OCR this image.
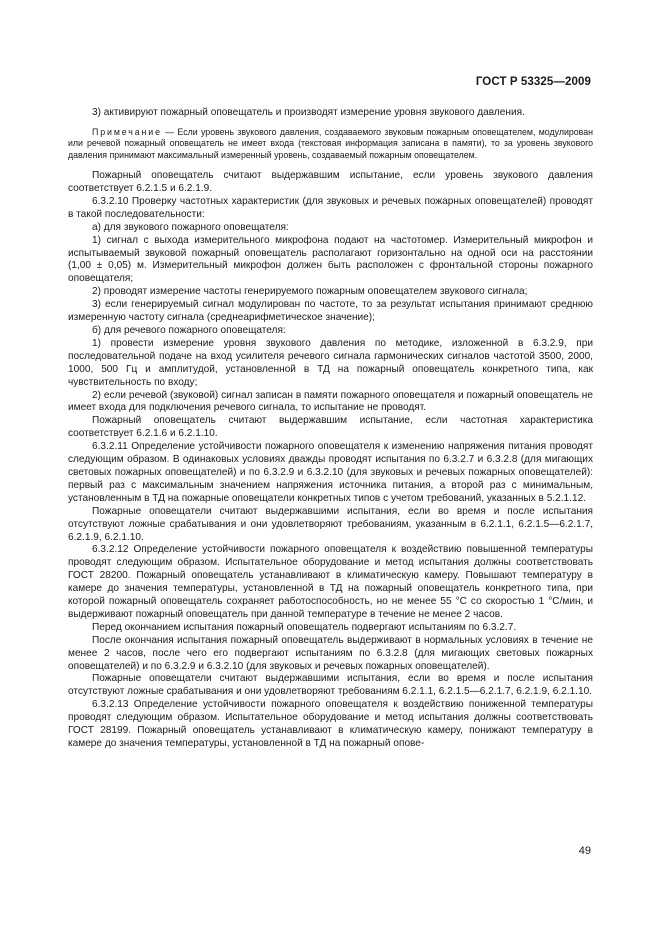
ГОСТ Р 53325—2009

3) активируют пожарный оповещатель и производят измерение уровня звукового давления.

Примечание — Если уровень звукового давления, создаваемого звуковым пожарным оповещателем, модулирован или речевой пожарный оповещатель не имеет входа (текстовая информация записана в памяти), то за уровень звукового давления принимают максимальный измеренный уровень, создаваемый пожарным оповещателем.

Пожарный оповещатель считают выдержавшим испытание, если уровень звукового давления соответствует 6.2.1.5 и 6.2.1.9.

6.3.2.10 Проверку частотных характеристик (для звуковых и речевых пожарных оповещателей) проводят в такой последовательности:

а) для звукового пожарного оповещателя:

1) сигнал с выхода измерительного микрофона подают на частотомер. Измерительный микрофон и испытываемый звуковой пожарный оповещатель располагают горизонтально на одной оси на расстоянии (1,00 ± 0,05) м. Измерительный микрофон должен быть расположен с фронтальной стороны пожарного оповещателя;

2) проводят измерение частоты генерируемого пожарным оповещателем звукового сигнала;

3) если генерируемый сигнал модулирован по частоте, то за результат испытания принимают среднюю измеренную частоту сигнала (среднеарифметическое значение);

б) для речевого пожарного оповещателя:

1) провести измерение уровня звукового давления по методике, изложенной в 6.3.2.9, при последовательной подаче на вход усилителя речевого сигнала гармонических сигналов частотой 3500, 2000, 1000, 500 Гц и амплитудой, установленной в ТД на пожарный оповещатель конкретного типа, как чувствительность по входу;

2) если речевой (звуковой) сигнал записан в памяти пожарного оповещателя и пожарный оповещатель не имеет входа для подключения речевого сигнала, то испытание не проводят.

Пожарный оповещатель считают выдержавшим испытание, если частотная характеристика соответствует 6.2.1.6 и 6.2.1.10.

6.3.2.11 Определение устойчивости пожарного оповещателя к изменению напряжения питания проводят следующим образом. В одинаковых условиях дважды проводят испытания по 6.3.2.7 и 6.3.2.8 (для мигающих световых пожарных оповещателей) и по 6.3.2.9 и 6.3.2.10 (для звуковых и речевых пожарных оповещателей): первый раз с максимальным значением напряжения источника питания, а второй раз с минимальным, установленным в ТД на пожарные оповещатели конкретных типов с учетом требований, указанных в 5.2.1.12.

Пожарные оповещатели считают выдержавшими испытания, если во время и после испытания отсутствуют ложные срабатывания и они удовлетворяют требованиям, указанным в 6.2.1.1, 6.2.1.5—6.2.1.7, 6.2.1.9, 6.2.1.10.

6.3.2.12 Определение устойчивости пожарного оповещателя к воздействию повышенной температуры проводят следующим образом. Испытательное оборудование и метод испытания должны соответствовать ГОСТ 28200. Пожарный оповещатель устанавливают в климатическую камеру. Повышают температуру в камере до значения температуры, установленной в ТД на пожарный оповещатель конкретного типа, при которой пожарный оповещатель сохраняет работоспособность, но не менее 55 °С со скоростью 1 °С/мин, и выдерживают пожарный оповещатель при данной температуре в течение не менее 2 часов.

Перед окончанием испытания пожарный оповещатель подвергают испытаниям по 6.3.2.7.

После окончания испытания пожарный оповещатель выдерживают в нормальных условиях в течение не менее 2 часов, после чего его подвергают испытаниям по 6.3.2.8 (для мигающих световых пожарных оповещателей) и по 6.3.2.9 и 6.3.2.10 (для звуковых и речевых пожарных оповещателей).

Пожарные оповещатели считают выдержавшими испытания, если во время и после испытания отсутствуют ложные срабатывания и они удовлетворяют требованиям 6.2.1.1, 6.2.1.5—6.2.1.7, 6.2.1.9, 6.2.1.10.

6.3.2.13 Определение устойчивости пожарного оповещателя к воздействию пониженной температуры проводят следующим образом. Испытательное оборудование и метод испытания должны соответствовать ГОСТ 28199. Пожарный оповещатель устанавливают в климатическую камеру, понижают температуру в камере до значения температуры, установленной в ТД на пожарный опове-

49
